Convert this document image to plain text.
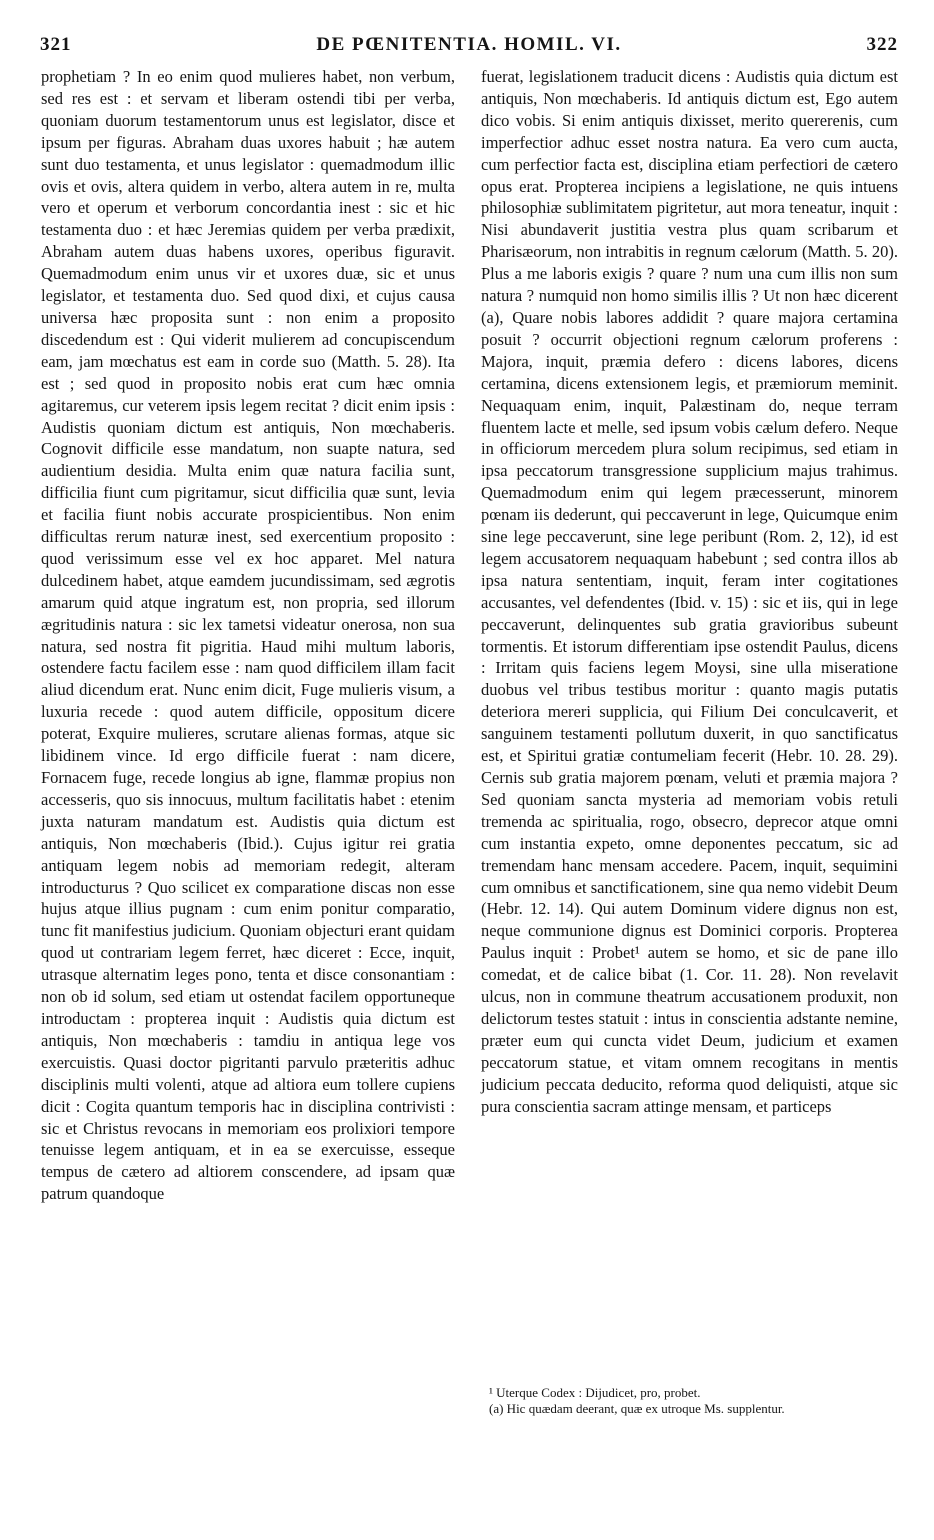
321	DE PŒNITENTIA. HOMIL. VI.	322

prophetiam ? In eo enim quod mulieres habet, non verbum, sed res est : et servam et liberam ostendi tibi per verba, quoniam duorum testamentorum unus est legislator, disce et ipsum per figuras. Abraham duas uxores habuit ; hæ autem sunt duo testamenta, et unus legislator : quemadmodum illic ovis et ovis, altera quidem in verbo, altera autem in re, multa vero et operum et verborum concordantia inest : sic et hic testamenta duo : et hæc Jeremias quidem per verba prædixit, Abraham autem duas habens uxores, operibus figuravit. Quemadmodum enim unus vir et uxores duæ, sic et unus legislator, et testamenta duo. Sed quod dixi, et cujus causa universa hæc proposita sunt : non enim a proposito discedendum est : Qui viderit mulierem ad concupiscendum eam, jam mœchatus est eam in corde suo (Matth. 5. 28). Ita est ; sed quod in proposito nobis erat cum hæc omnia agitaremus, cur veterem ipsis legem recitat ? dicit enim ipsis : Audistis quoniam dictum est antiquis, Non mœchaberis. Cognovit difficile esse mandatum, non suapte natura, sed audientium desidia. Multa enim quæ natura facilia sunt, difficilia fiunt cum pigritamur, sicut difficilia quæ sunt, levia et facilia fiunt nobis accurate prospicientibus. Non enim difficultas rerum naturæ inest, sed exercentium proposito : quod verissimum esse vel ex hoc apparet. Mel natura dulcedinem habet, atque eamdem jucundissimam, sed ægrotis amarum quid atque ingratum est, non propria, sed illorum ægritudinis natura : sic lex tametsi videatur onerosa, non sua natura, sed nostra fit pigritia. Haud mihi multum laboris, ostendere factu facilem esse : nam quod difficilem illam facit aliud dicendum erat. Nunc enim dicit, Fuge mulieris visum, a luxuria recede : quod autem difficile, oppositum dicere poterat, Exquire mulieres, scrutare alienas formas, atque sic libidinem vince. Id ergo difficile fuerat : nam dicere, Fornacem fuge, recede longius ab igne, flammæ propius non accesseris, quo sis innocuus, multum facilitatis habet : etenim juxta naturam mandatum est. Audistis quia dictum est antiquis, Non mœchaberis (Ibid.). Cujus igitur rei gratia antiquam legem nobis ad memoriam redegit, alteram introducturus ? Quo scilicet ex comparatione discas non esse hujus atque illius pugnam : cum enim ponitur comparatio, tunc fit manifestius judicium. Quoniam objecturi erant quidam quod ut contrariam legem ferret, hæc diceret : Ecce, inquit, utrasque alternatim leges pono, tenta et disce consonantiam : non ob id solum, sed etiam ut ostendat facilem opportuneque introductam : propterea inquit : Audistis quia dictum est antiquis, Non mœchaberis : tamdiu in antiqua lege vos exercuistis. Quasi doctor pigritanti parvulo præteritis adhuc disciplinis multi volenti, atque ad altiora eum tollere cupiens dicit : Cogita quantum temporis hac in disciplina contrivisti : sic et Christus revocans in memoriam eos prolixiori tempore tenuisse legem antiquam, et in ea se exercuisse, esseque tempus de cætero ad altiorem conscendere, ad ipsam quæ patrum quandoque

fuerat, legislationem traducit dicens : Audistis quia dictum est antiquis, Non mœchaberis. Id antiquis dictum est, Ego autem dico vobis. Si enim antiquis dixisset, merito quererenis, cum imperfectior adhuc esset nostra natura. Ea vero cum aucta, cum perfectior facta est, disciplina etiam perfectiori de cætero opus erat. Propterea incipiens a legislatione, ne quis intuens philosophiæ sublimitatem pigritetur, aut mora teneatur, inquit : Nisi abundaverit justitia vestra plus quam scribarum et Pharisæorum, non intrabitis in regnum cælorum (Matth. 5. 20). Plus a me laboris exigis ? quare ? num una cum illis non sum natura ? numquid non homo similis illis ? Ut non hæc dicerent (a), Quare nobis labores addidit ? quare majora certamina posuit ? occurrit objectioni regnum cælorum proferens : Majora, inquit, præmia defero : dicens labores, dicens certamina, dicens extensionem legis, et præmiorum meminit. Nequaquam enim, inquit, Palæstinam do, neque terram fluentem lacte et melle, sed ipsum vobis cælum defero. Neque in officiorum mercedem plura solum recipimus, sed etiam in ipsa peccatorum transgressione supplicium majus trahimus. Quemadmodum enim qui legem præcesserunt, minorem pœnam iis dederunt, qui peccaverunt in lege, Quicumque enim sine lege peccaverunt, sine lege peribunt (Rom. 2, 12), id est legem accusatorem nequaquam habebunt ; sed contra illos ab ipsa natura sententiam, inquit, feram inter cogitationes accusantes, vel defendentes (Ibid. v. 15) : sic et iis, qui in lege peccaverunt, delinquentes sub gratia gravioribus subeunt tormentis. Et istorum differentiam ipse ostendit Paulus, dicens : Irritam quis faciens legem Moysi, sine ulla miseratione duobus vel tribus testibus moritur : quanto magis putatis deteriora mereri supplicia, qui Filium Dei conculcaverit, et sanguinem testamenti pollutum duxerit, in quo sanctificatus est, et Spiritui gratiæ contumeliam fecerit (Hebr. 10. 28. 29). Cernis sub gratia majorem pœnam, veluti et præmia majora ? Sed quoniam sancta mysteria ad memoriam vobis retuli tremenda ac spiritualia, rogo, obsecro, deprecor atque omni cum instantia expeto, omne deponentes peccatum, sic ad tremendam hanc mensam accedere. Pacem, inquit, sequimini cum omnibus et sanctificationem, sine qua nemo videbit Deum (Hebr. 12. 14). Qui autem Dominum videre dignus non est, neque communione dignus est Dominici corporis. Propterea Paulus inquit : Probet¹ autem se homo, et sic de pane illo comedat, et de calice bibat (1. Cor. 11. 28). Non revelavit ulcus, non in commune theatrum accusationem produxit, non delictorum testes statuit : intus in conscientia adstante nemine, præter eum qui cuncta videt Deum, judicium et examen peccatorum statue, et vitam omnem recogitans in mentis judicium peccata deducito, reforma quod deliquisti, atque sic pura conscientia sacram attinge mensam, et particeps

¹ Uterque Codex : Dijudicet, pro, probet.

(a) Hic quædam deerant, quæ ex utroque Ms. supplentur.
